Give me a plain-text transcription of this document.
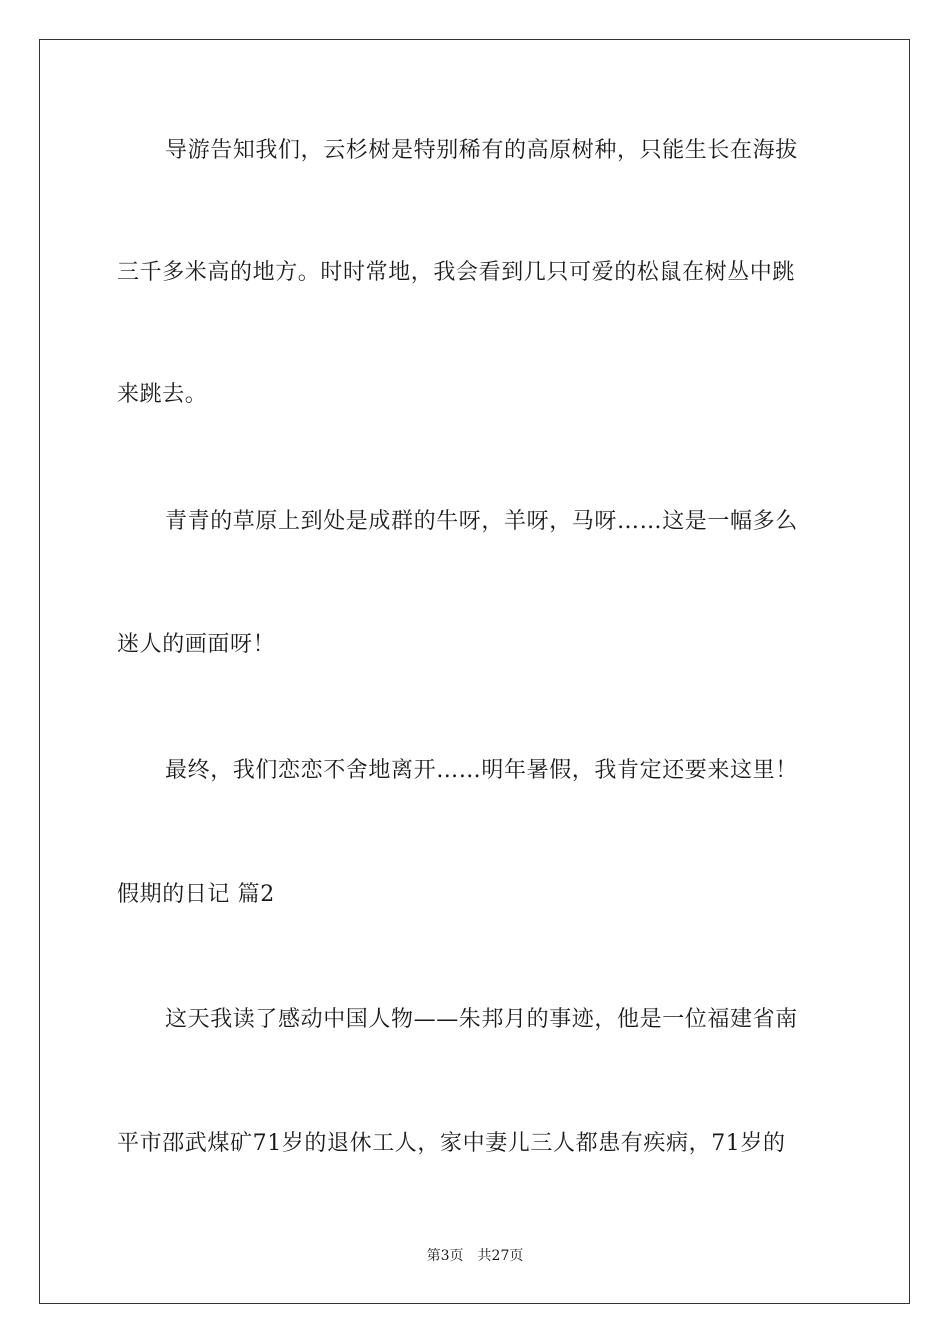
导游告知我们，云杉树是特别稀有的高原树种，只能生长在海拔
三千多米高的地方。时时常地，我会看到几只可爱的松鼠在树丛中跳
来跳去。
青青的草原上到处是成群的牛呀，羊呀，马呀……这是一幅多么
迷人的画面呀！
最终，我们恋恋不舍地离开……明年暑假，我肯定还要来这里！
假期的日记 篇2
这天我读了感动中国人物——朱邦月的事迹，他是一位福建省南
平市邵武煤矿71岁的退休工人，家中妻儿三人都患有疾病，71岁的
第3页 共27页
